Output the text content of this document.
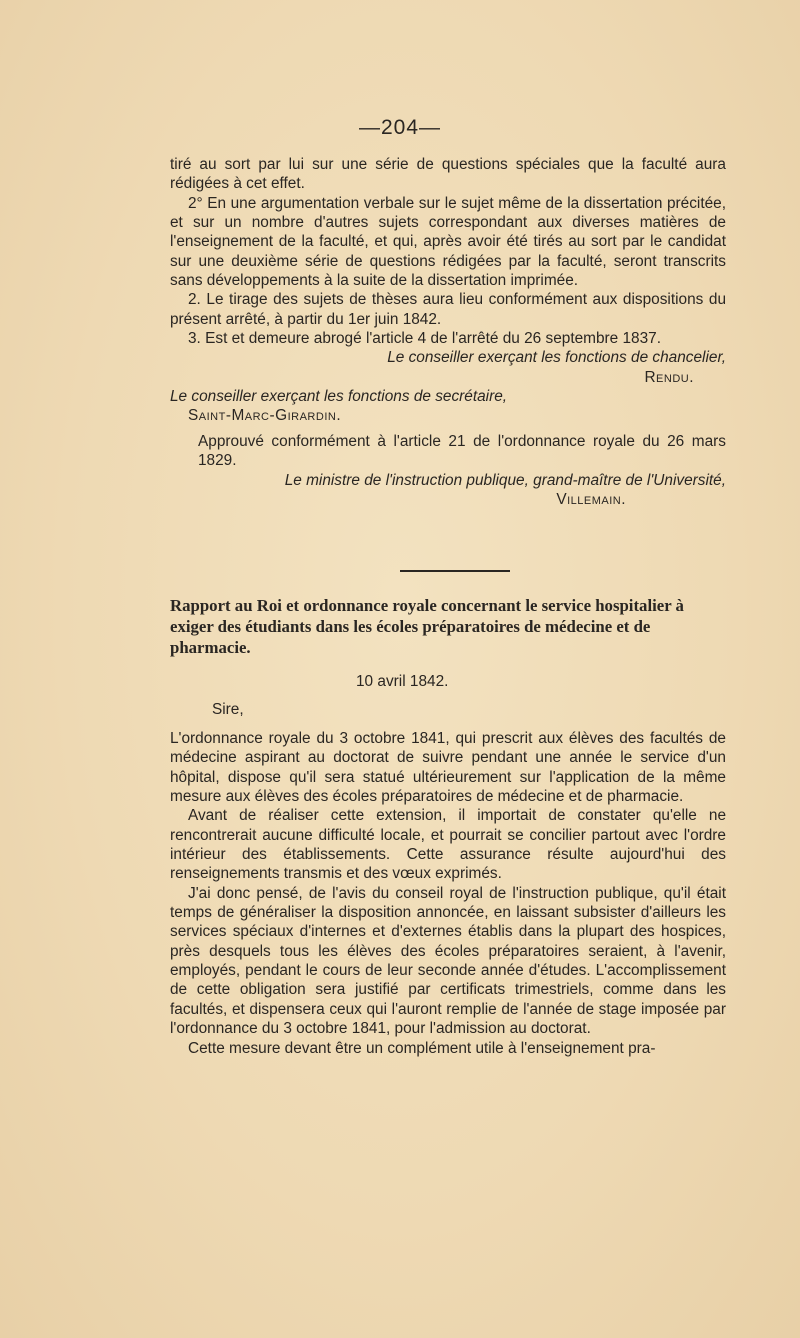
—204—

tiré au sort par lui sur une série de questions spéciales que la faculté aura rédigées à cet effet.

2° En une argumentation verbale sur le sujet même de la dissertation précitée, et sur un nombre d'autres sujets correspondant aux diverses matières de l'enseignement de la faculté, et qui, après avoir été tirés au sort par le candidat sur une deuxième série de questions rédigées par la faculté, seront transcrits sans développements à la suite de la dissertation imprimée.

2. Le tirage des sujets de thèses aura lieu conformément aux dispositions du présent arrêté, à partir du 1er juin 1842.

3. Est et demeure abrogé l'article 4 de l'arrêté du 26 septembre 1837.

Le conseiller exerçant les fonctions de chancelier,

Rendu.

Le conseiller exerçant les fonctions de secrétaire,

Saint-Marc-Girardin.

Approuvé conformément à l'article 21 de l'ordonnance royale du 26 mars 1829.

Le ministre de l'instruction publique, grand-maître de l'Université,

Villemain.

Rapport au Roi et ordonnance royale concernant le service hospitalier à exiger des étudiants dans les écoles préparatoires de médecine et de pharmacie.
10 avril 1842.
Sire,

L'ordonnance royale du 3 octobre 1841, qui prescrit aux élèves des facultés de médecine aspirant au doctorat de suivre pendant une année le service d'un hôpital, dispose qu'il sera statué ultérieurement sur l'application de la même mesure aux élèves des écoles préparatoires de médecine et de pharmacie.

Avant de réaliser cette extension, il importait de constater qu'elle ne rencontrerait aucune difficulté locale, et pourrait se concilier partout avec l'ordre intérieur des établissements. Cette assurance résulte aujourd'hui des renseignements transmis et des vœux exprimés.

J'ai donc pensé, de l'avis du conseil royal de l'instruction publique, qu'il était temps de généraliser la disposition annoncée, en laissant subsister d'ailleurs les services spéciaux d'internes et d'externes établis dans la plupart des hospices, près desquels tous les élèves des écoles préparatoires seraient, à l'avenir, employés, pendant le cours de leur seconde année d'études. L'accomplissement de cette obligation sera justifié par certificats trimestriels, comme dans les facultés, et dispensera ceux qui l'auront remplie de l'année de stage imposée par l'ordonnance du 3 octobre 1841, pour l'admission au doctorat.

Cette mesure devant être un complément utile à l'enseignement pra-
